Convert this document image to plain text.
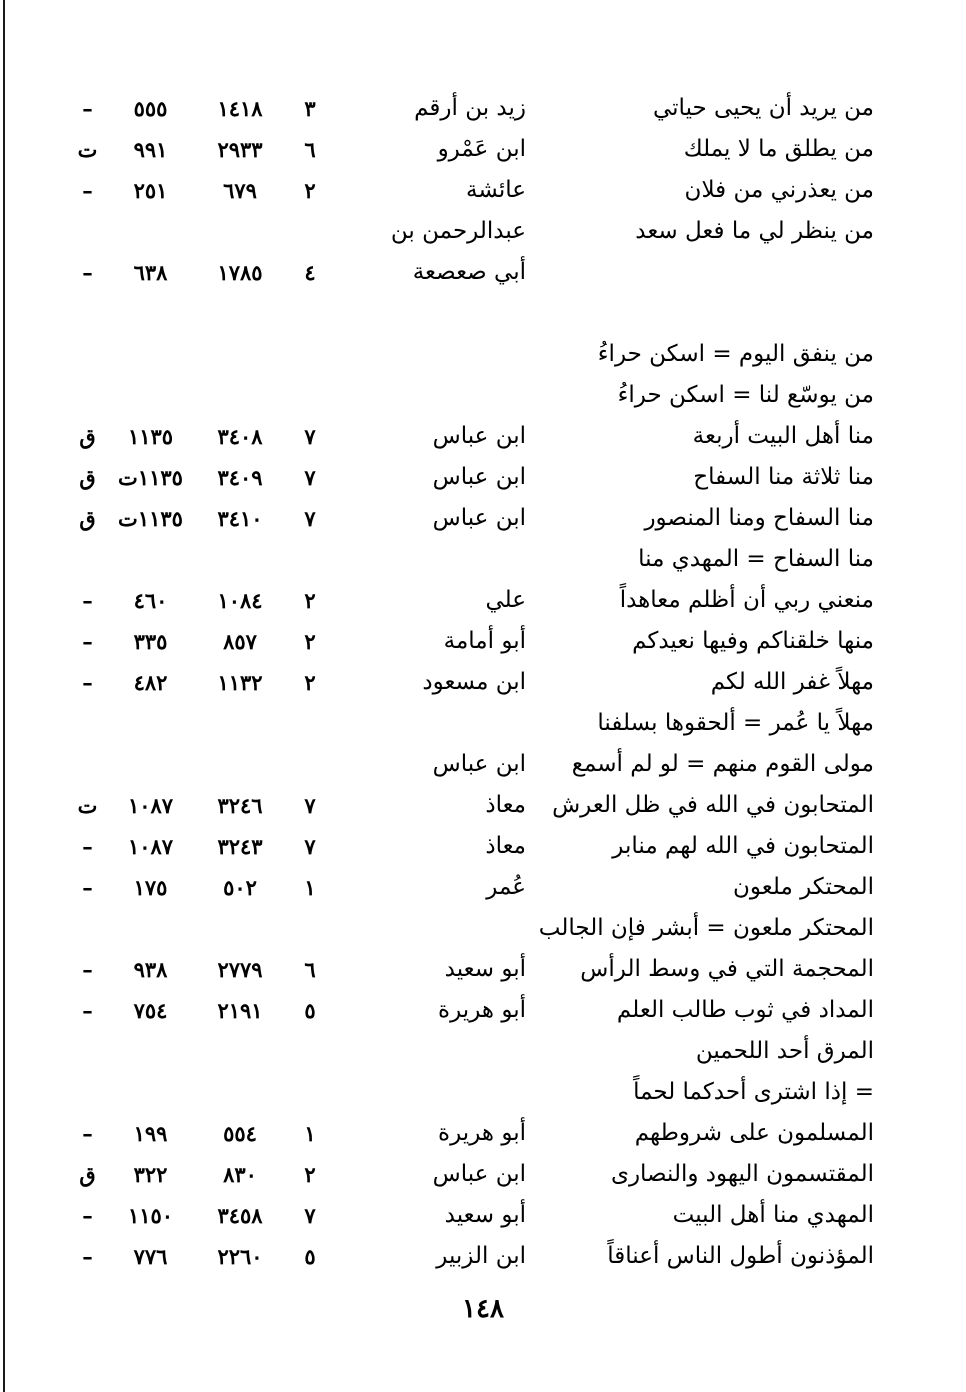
من يريد أن يحيى حياتي
زيد بن أرقم
٣
١٤١٨
٥٥٥
–
من يطلق ما لا يملك
ابن عَمْرو
٦
٢٩٣٣
٩٩١
ت
من يعذرني من فلان
عائشة
٢
٦٧٩
٢٥١
–
من ينظر لي ما فعل سعد
عبدالرحمن بن
أبي صعصعة
٤
١٧٨٥
٦٣٨
–
من ينفق اليوم = اسكن حراءُ
من يوسّع لنا = اسكن حراءُ
منا أهل البيت أربعة
ابن عباس
٧
٣٤٠٨
١١٣٥
ق
منا ثلاثة منا السفاح
ابن عباس
٧
٣٤٠٩
١١٣٥ت
ق
منا السفاح ومنا المنصور
ابن عباس
٧
٣٤١٠
١١٣٥ت
ق
منا السفاح = المهدي منا
منعني ربي أن أظلم معاهداً
علي
٢
١٠٨٤
٤٦٠
–
منها خلقناكم وفيها نعيدكم
أبو أمامة
٢
٨٥٧
٣٣٥
–
مهلاً غفر الله لكم
ابن مسعود
٢
١١٣٢
٤٨٢
–
مهلاً يا عُمر = ألحقوها بسلفنا
مولى القوم منهم = لو لم أسمع
ابن عباس
المتحابون في الله في ظل العرش
معاذ
٧
٣٢٤٦
١٠٨٧
ت
المتحابون في الله لهم منابر
معاذ
٧
٣٢٤٣
١٠٨٧
–
المحتكر ملعون
عُمر
١
٥٠٢
١٧٥
–
المحتكر ملعون = أبشر فإن الجالب
المحجمة التي في وسط الرأس
أبو سعيد
٦
٢٧٧٩
٩٣٨
–
المداد في ثوب طالب العلم
أبو هريرة
٥
٢١٩١
٧٥٤
–
المرق أحد اللحمين
= إذا اشترى أحدكما لحماً
المسلمون على شروطهم
أبو هريرة
١
٥٥٤
١٩٩
–
المقتسمون اليهود والنصارى
ابن عباس
٢
٨٣٠
٣٢٢
ق
المهدي منا أهل البيت
أبو سعيد
٧
٣٤٥٨
١١٥٠
–
المؤذنون أطول الناس أعناقاً
ابن الزبير
٥
٢٢٦٠
٧٧٦
–
١٤٨
